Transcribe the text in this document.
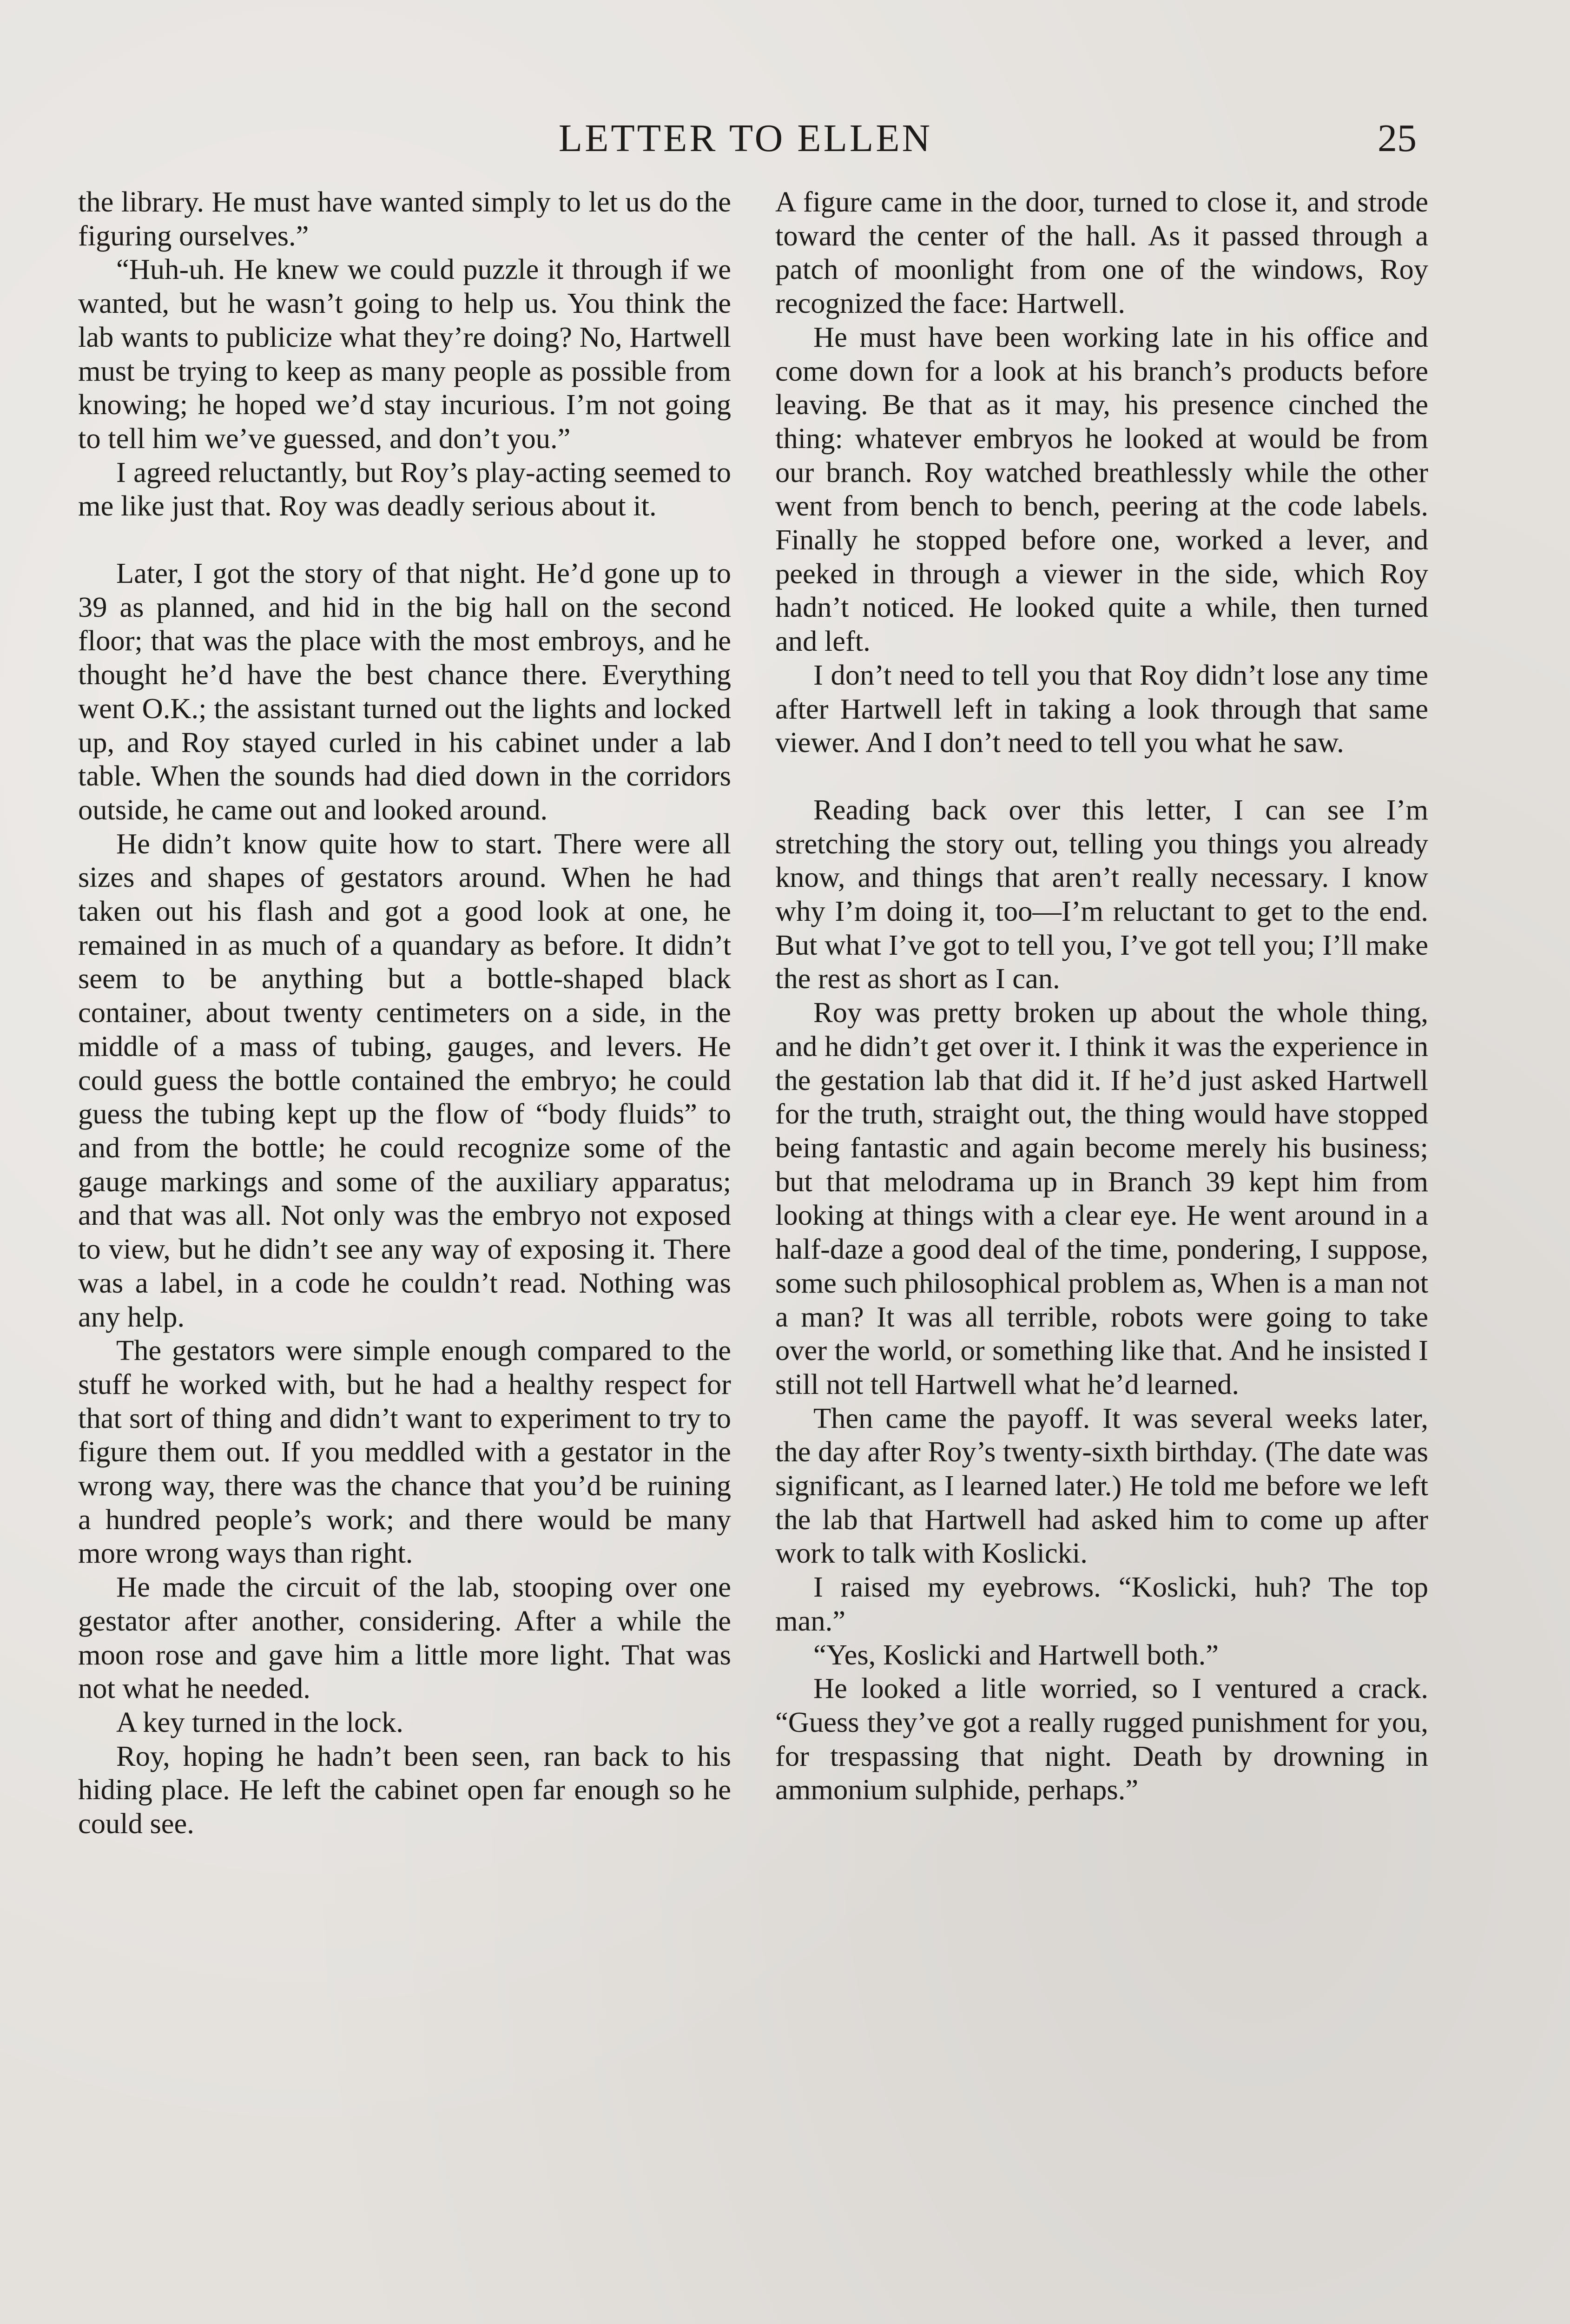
LETTER TO ELLEN	25

the library. He must have wanted simply to let us do the figuring ourselves.”

“Huh-uh. He knew we could puzzle it through if we wanted, but he wasn’t going to help us. You think the lab wants to publicize what they’re doing? No, Hartwell must be trying to keep as many people as possible from knowing; he hoped we’d stay incurious. I’m not going to tell him we’ve guessed, and don’t you.”

I agreed reluctantly, but Roy’s play-acting seemed to me like just that. Roy was deadly serious about it.

Later, I got the story of that night. He’d gone up to 39 as planned, and hid in the big hall on the second floor; that was the place with the most embroys, and he thought he’d have the best chance there. Everything went O.K.; the assistant turned out the lights and locked up, and Roy stayed curled in his cabinet under a lab table. When the sounds had died down in the corridors outside, he came out and looked around.

He didn’t know quite how to start. There were all sizes and shapes of gestators around. When he had taken out his flash and got a good look at one, he remained in as much of a quandary as before. It didn’t seem to be anything but a bottle-shaped black container, about twenty centimeters on a side, in the middle of a mass of tubing, gauges, and levers. He could guess the bottle contained the embryo; he could guess the tubing kept up the flow of “body fluids” to and from the bottle; he could recognize some of the gauge markings and some of the auxiliary apparatus; and that was all. Not only was the embryo not exposed to view, but he didn’t see any way of exposing it. There was a label, in a code he couldn’t read. Nothing was any help.

The gestators were simple enough compared to the stuff he worked with, but he had a healthy respect for that sort of thing and didn’t want to experiment to try to figure them out. If you meddled with a gestator in the wrong way, there was the chance that you’d be ruining a hundred people’s work; and there would be many more wrong ways than right.

He made the circuit of the lab, stooping over one gestator after another, considering. After a while the moon rose and gave him a little more light. That was not what he needed.

A key turned in the lock.

Roy, hoping he hadn’t been seen, ran back to his hiding place. He left the cabinet open far enough so he could see.

A figure came in the door, turned to close it, and strode toward the center of the hall. As it passed through a patch of moonlight from one of the windows, Roy recognized the face: Hartwell.

He must have been working late in his office and come down for a look at his branch’s products before leaving. Be that as it may, his presence cinched the thing: whatever embryos he looked at would be from our branch. Roy watched breathlessly while the other went from bench to bench, peering at the code labels. Finally he stopped before one, worked a lever, and peeked in through a viewer in the side, which Roy hadn’t noticed. He looked quite a while, then turned and left.

I don’t need to tell you that Roy didn’t lose any time after Hartwell left in taking a look through that same viewer. And I don’t need to tell you what he saw.

Reading back over this letter, I can see I’m stretching the story out, telling you things you already know, and things that aren’t really necessary. I know why I’m doing it, too—I’m reluctant to get to the end. But what I’ve got to tell you, I’ve got tell you; I’ll make the rest as short as I can.

Roy was pretty broken up about the whole thing, and he didn’t get over it. I think it was the experience in the gestation lab that did it. If he’d just asked Hartwell for the truth, straight out, the thing would have stopped being fantastic and again become merely his business; but that melodrama up in Branch 39 kept him from looking at things with a clear eye. He went around in a half-daze a good deal of the time, pondering, I suppose, some such philosophical problem as, When is a man not a man? It was all terrible, robots were going to take over the world, or something like that. And he insisted I still not tell Hartwell what he’d learned.

Then came the payoff. It was several weeks later, the day after Roy’s twenty-sixth birthday. (The date was significant, as I learned later.) He told me before we left the lab that Hartwell had asked him to come up after work to talk with Koslicki.

I raised my eyebrows. “Koslicki, huh? The top man.”

“Yes, Koslicki and Hartwell both.”

He looked a litle worried, so I ventured a crack. “Guess they’ve got a really rugged punishment for you, for trespassing that night. Death by drowning in ammonium sulphide, perhaps.”
